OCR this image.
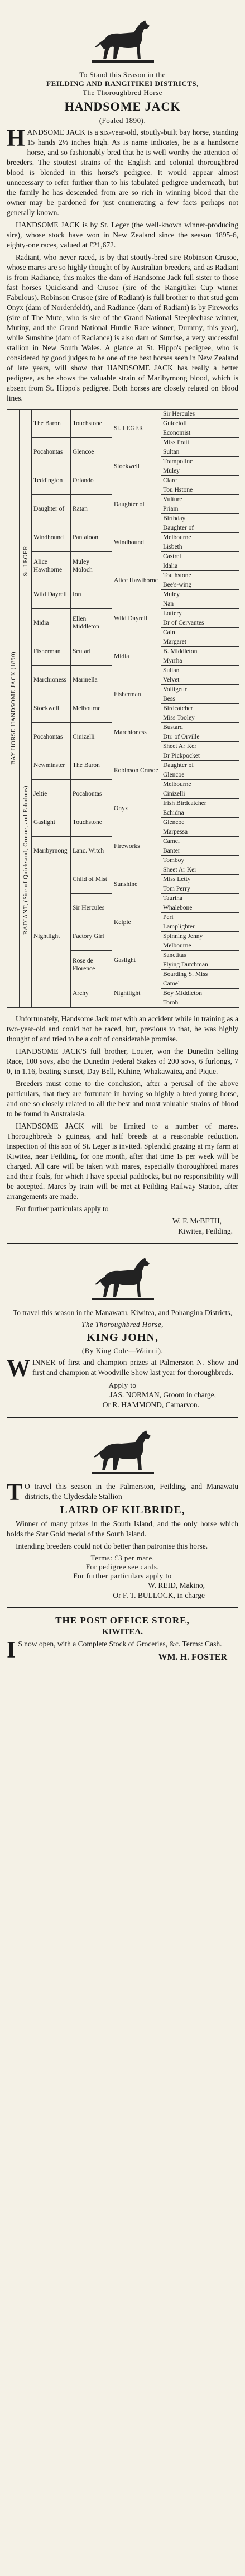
To Stand this Season in the
FEILDING AND RANGITIKEI DISTRICTS,
The Thoroughbred Horse
HANDSOME JACK
(Foaled 1890).
HANDSOME JACK is a six-year-old, stoutly-built bay horse, standing 15 hands 2½ inches high. As is name indicates, he is a handsome horse, and so fashionably bred that he is well worthy the attention of breeders. The stoutest strains of the English and colonial thoroughbred blood is blended in this horse's pedigree. It would appear almost unnecessary to refer further than to his tabulated pedigree underneath, but the family he has descended from are so rich in winning blood that the owner may be pardoned for just enumerating a few facts perhaps not generally known.
HANDSOME JACK is by St. Leger (the well-known winner-producing sire), whose stock have won in New Zealand since the season 1895-6, eighty-one races, valued at £21,672.
Radiant, who never raced, is by that stoutly-bred sire Robinson Crusoe, whose mares are so highly thought of by Australian breeders, and as Radiant is from Radiance, this makes the dam of Handsome Jack full sister to those fast horses Quicksand and Crusoe (sire of the Rangitikei Cup winner Fabulous). Robinson Crusoe (sire of Radiant) is full brother to that stud gem Onyx (dam of Nordenfeldt), and Radiance (dam of Radiant) is by Fireworks (sire of The Mute, who is sire of the Grand National Steeplechase winner, Mutiny, and the Grand National Hurdle Race winner, Dummy, this year), while Sunshine (dam of Radiance) is also dam of Sunrise, a very successful stallion in New South Wales. A glance at St. Hippo's pedigree, who is considered by good judges to be one of the best horses seen in New Zealand of late years, will show that HANDSOME JACK has really a better pedigree, as he shows the valuable strain of Maribyrnong blood, which is absent from St. Hippo's pedigree. Both horses are closely related on blood lines.
BAY HORSE HANDSOME JACK (1890)
St. LEGER
RADIANT, (Sire of Quicksand, Crusoe, and Fabulous)
The Baron
Pocahontas
Teddington
Daughter of
Windhound
Alice Hawthorne
Wild Dayrell
Midia
Fisherman
Marchioness
Stockwell
Pocahontas
Newminster
Jeltie
Gaslight
Maribyrnong
Nightlight
Touchstone
Glencoe
Orlando
Ratan
Pantaloon
Muley Moloch
Ion
Ellen Middleton
Scutari
Marinella
Melbourne
Cinizelli
The Baron
Pocahontas
Touchstone
Lanc. Witch
Child of Mist
Sir Hercules
Factory Girl
Rose de Florence
Archy
St. LEGER
Stockwell
Daughter of
Windhound
Alice Hawthorne
Wild Dayrell
Midia
Fisherman
Marchioness
Robinson Crusoe
Onyx
Fireworks
Sunshine
Kelpie
Gaslight
Nightlight
Sir Hercules
Guiccioli
Economist
Miss Pratt
Sultan
Trampoline
Muley
Clare
Tou Hstone
Vulture
Priam
Birthday
Daughter of
Melbourne
Lisbeth
Castrel
Idalia
Tou hstone
Bee's-wing
Muley
Nan
Lottery
Dr of Cervantes
Cain
Margaret
B. Middleton
Myrrha
Sultan
Velvet
Voltigeur
Bess
Birdcatcher
Miss Tooley
Bustard
Dtr. of Orville
Sheet Ar Ker
Dr Pickpocket
Daughter of
Glencoe
Melbourne
Cinizelli
Irish Birdcatcher
Echidna
Glencoe
Marpessa
Camel
Banter
Tomboy
Sheet Ar Ker
Miss Letty
Tom Perry
Taurina
Whalebone
Peri
Lamplighter
Spinning Jenny
Melbourne
Sanctitas
Flying Dutchman
Boarding S. Miss
Camel
Boy Middleton
Toroh
Unfortunately, Handsome Jack met with an accident while in training as a two-year-old and could not be raced, but, previous to that, he was highly thought of and tried to be a colt of considerable promise.
HANDSOME JACK'S full brother, Louter, won the Dunedin Selling Race, 100 sovs, also the Dunedin Federal Stakes of 200 sovs, 6 furlongs, 7 0, in 1.16, beating Sunset, Day Bell, Kuhine, Whakawaiea, and Pique.
Breeders must come to the conclusion, after a perusal of the above particulars, that they are fortunate in having so highly a bred young horse, and one so closely related to all the best and most valuable strains of blood to be found in Australasia.
HANDSOME JACK will be limited to a number of mares. Thoroughbreds 5 guineas, and half breeds at a reasonable reduction. Inspection of this son of St. Leger is invited. Splendid grazing at my farm at Kiwitea, near Feilding, for one month, after that time 1s per week will be charged. All care will be taken with mares, especially thoroughbred mares and their foals, for which I have special paddocks, but no responsibility will be accepted. Mares by train will be met at Feilding Railway Station, after arrangements are made.
For further particulars apply to
W. F. McBETH,
Kiwitea, Feilding.
To travel this season in the Manawatu, Kiwitea, and Pohangina Districts,
The Thoroughbred Horse,
KING JOHN,
(By King Cole—Wainui).
WINNER of first and champion prizes at Palmerston N. Show and first and champion at Woodville Show last year for thoroughbreds.
Apply to
JAS. NORMAN, Groom in charge,
Or R. HAMMOND, Carnarvon.
T O travel this season in the Palmerston, Feilding, and Manawatu districts, the Clydesdale Stallion
LAIRD OF KILBRIDE,
Winner of many prizes in the South Island, and the only horse which holds the Star Gold medal of the South Island.
Intending breeders could not do better than patronise this horse.
Terms: £3 per mare.
For pedigree see cards.
For further particulars apply to
W. REID, Makino,
Or F. T. BULLOCK, in charge
THE POST OFFICE STORE,
KIWITEA.
I S now open, with a Complete Stock of Groceries, &c. Terms: Cash.
WM. H. FOSTER
